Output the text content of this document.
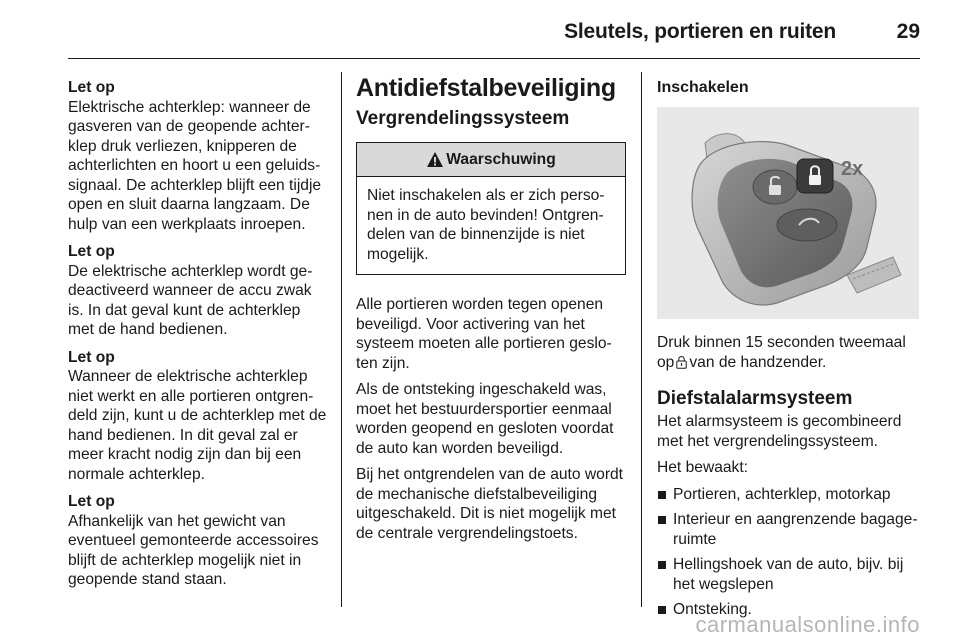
Sleutels, portieren en ruiten	29
Let op
Elektrische achterklep: wanneer de gasveren van de geopende achterklep druk verliezen, knipperen de achterlichten en hoort u een geluidssignaal. De achterklep blijft een tijdje open en sluit daarna langzaam. De hulp van een werkplaats inroepen.
Let op
De elektrische achterklep wordt gedeactiveerd wanneer de accu zwak is. In dat geval kunt de achterklep met de hand bedienen.
Let op
Wanneer de elektrische achterklep niet werkt en alle portieren ontgrendeld zijn, kunt u de achterklep met de hand bedienen. In dit geval zal er meer kracht nodig zijn dan bij een normale achterklep.
Let op
Afhankelijk van het gewicht van eventueel gemonteerde accessoires blijft de achterklep mogelijk niet in geopende stand staan.
Antidiefstalbeveiliging
Vergrendelingssysteem
Waarschuwing
Niet inschakelen als er zich personen in de auto bevinden! Ontgrendelen van de binnenzijde is niet mogelijk.

Alle portieren worden tegen openen beveiligd. Voor activering van het systeem moeten alle portieren gesloten zijn.

Als de ontsteking ingeschakeld was, moet het bestuurdersportier eenmaal worden geopend en gesloten voordat de auto kan worden beveiligd.

Bij het ontgrendelen van de auto wordt de mechanische diefstalbeveiliging uitgeschakeld. Dit is niet mogelijk met de centrale vergrendelingstoets.

Inschakelen
2x

Druk binnen 15 seconden tweemaal op van de handzender.

Diefstalalarmsysteem

Het alarmsysteem is gecombineerd met het vergrendelingssysteem.

Het bewaakt:

Portieren, achterklep, motorkap
Interieur en aangrenzende bagageruimte
Hellingshoek van de auto, bijv. bij het wegslepen
Ontsteking.
carmanualsonline.info
